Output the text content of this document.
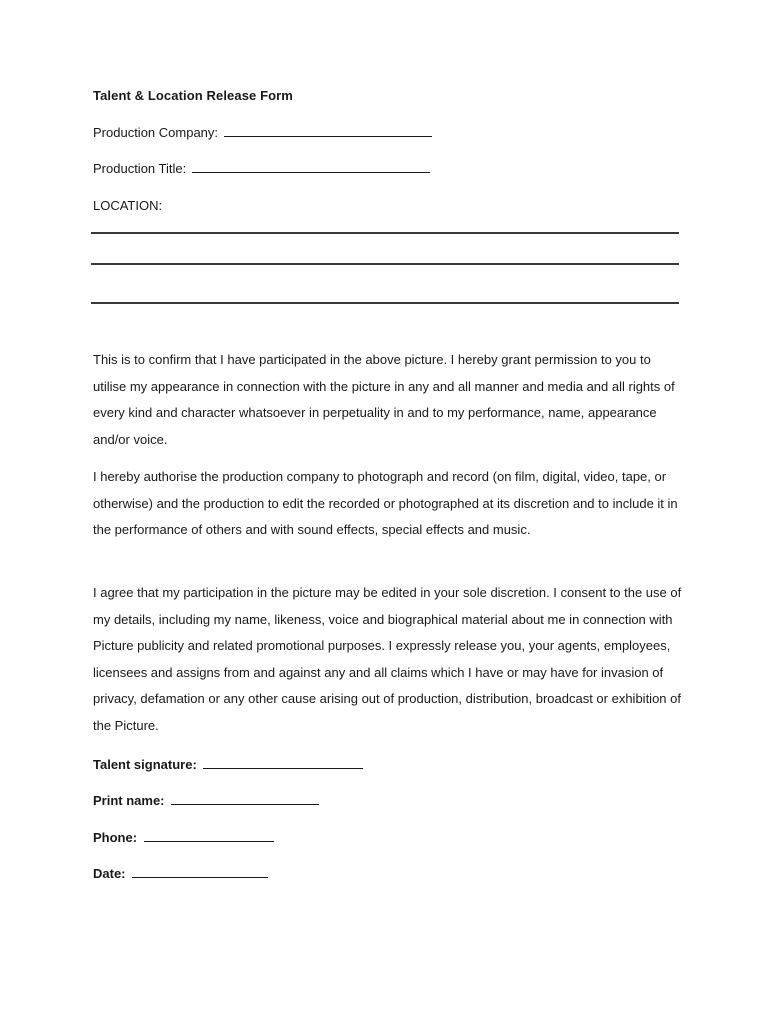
Talent & Location Release Form
Production Company:
Production Title:
LOCATION:

This is to confirm that I have participated in the above picture. I hereby grant permission to you to utilise my appearance in connection with the picture in any and all manner and media and all rights of every kind and character whatsoever in perpetuality in and to my performance, name, appearance and/or voice.

I hereby authorise the production company to photograph and record (on film, digital, video, tape, or otherwise) and the production to edit the recorded or photographed at its discretion and to include it in the performance of others and with sound effects, special effects and music.

I agree that my participation in the picture may be edited in your sole discretion. I consent to the use of my details, including my name, likeness, voice and biographical material about me in connection with Picture publicity and related promotional purposes. I expressly release you, your agents, employees, licensees and assigns from and against any and all claims which I have or may have for invasion of privacy, defamation or any other cause arising out of production, distribution, broadcast or exhibition of the Picture.

Talent signature:
Print name:
Phone:
Date:
